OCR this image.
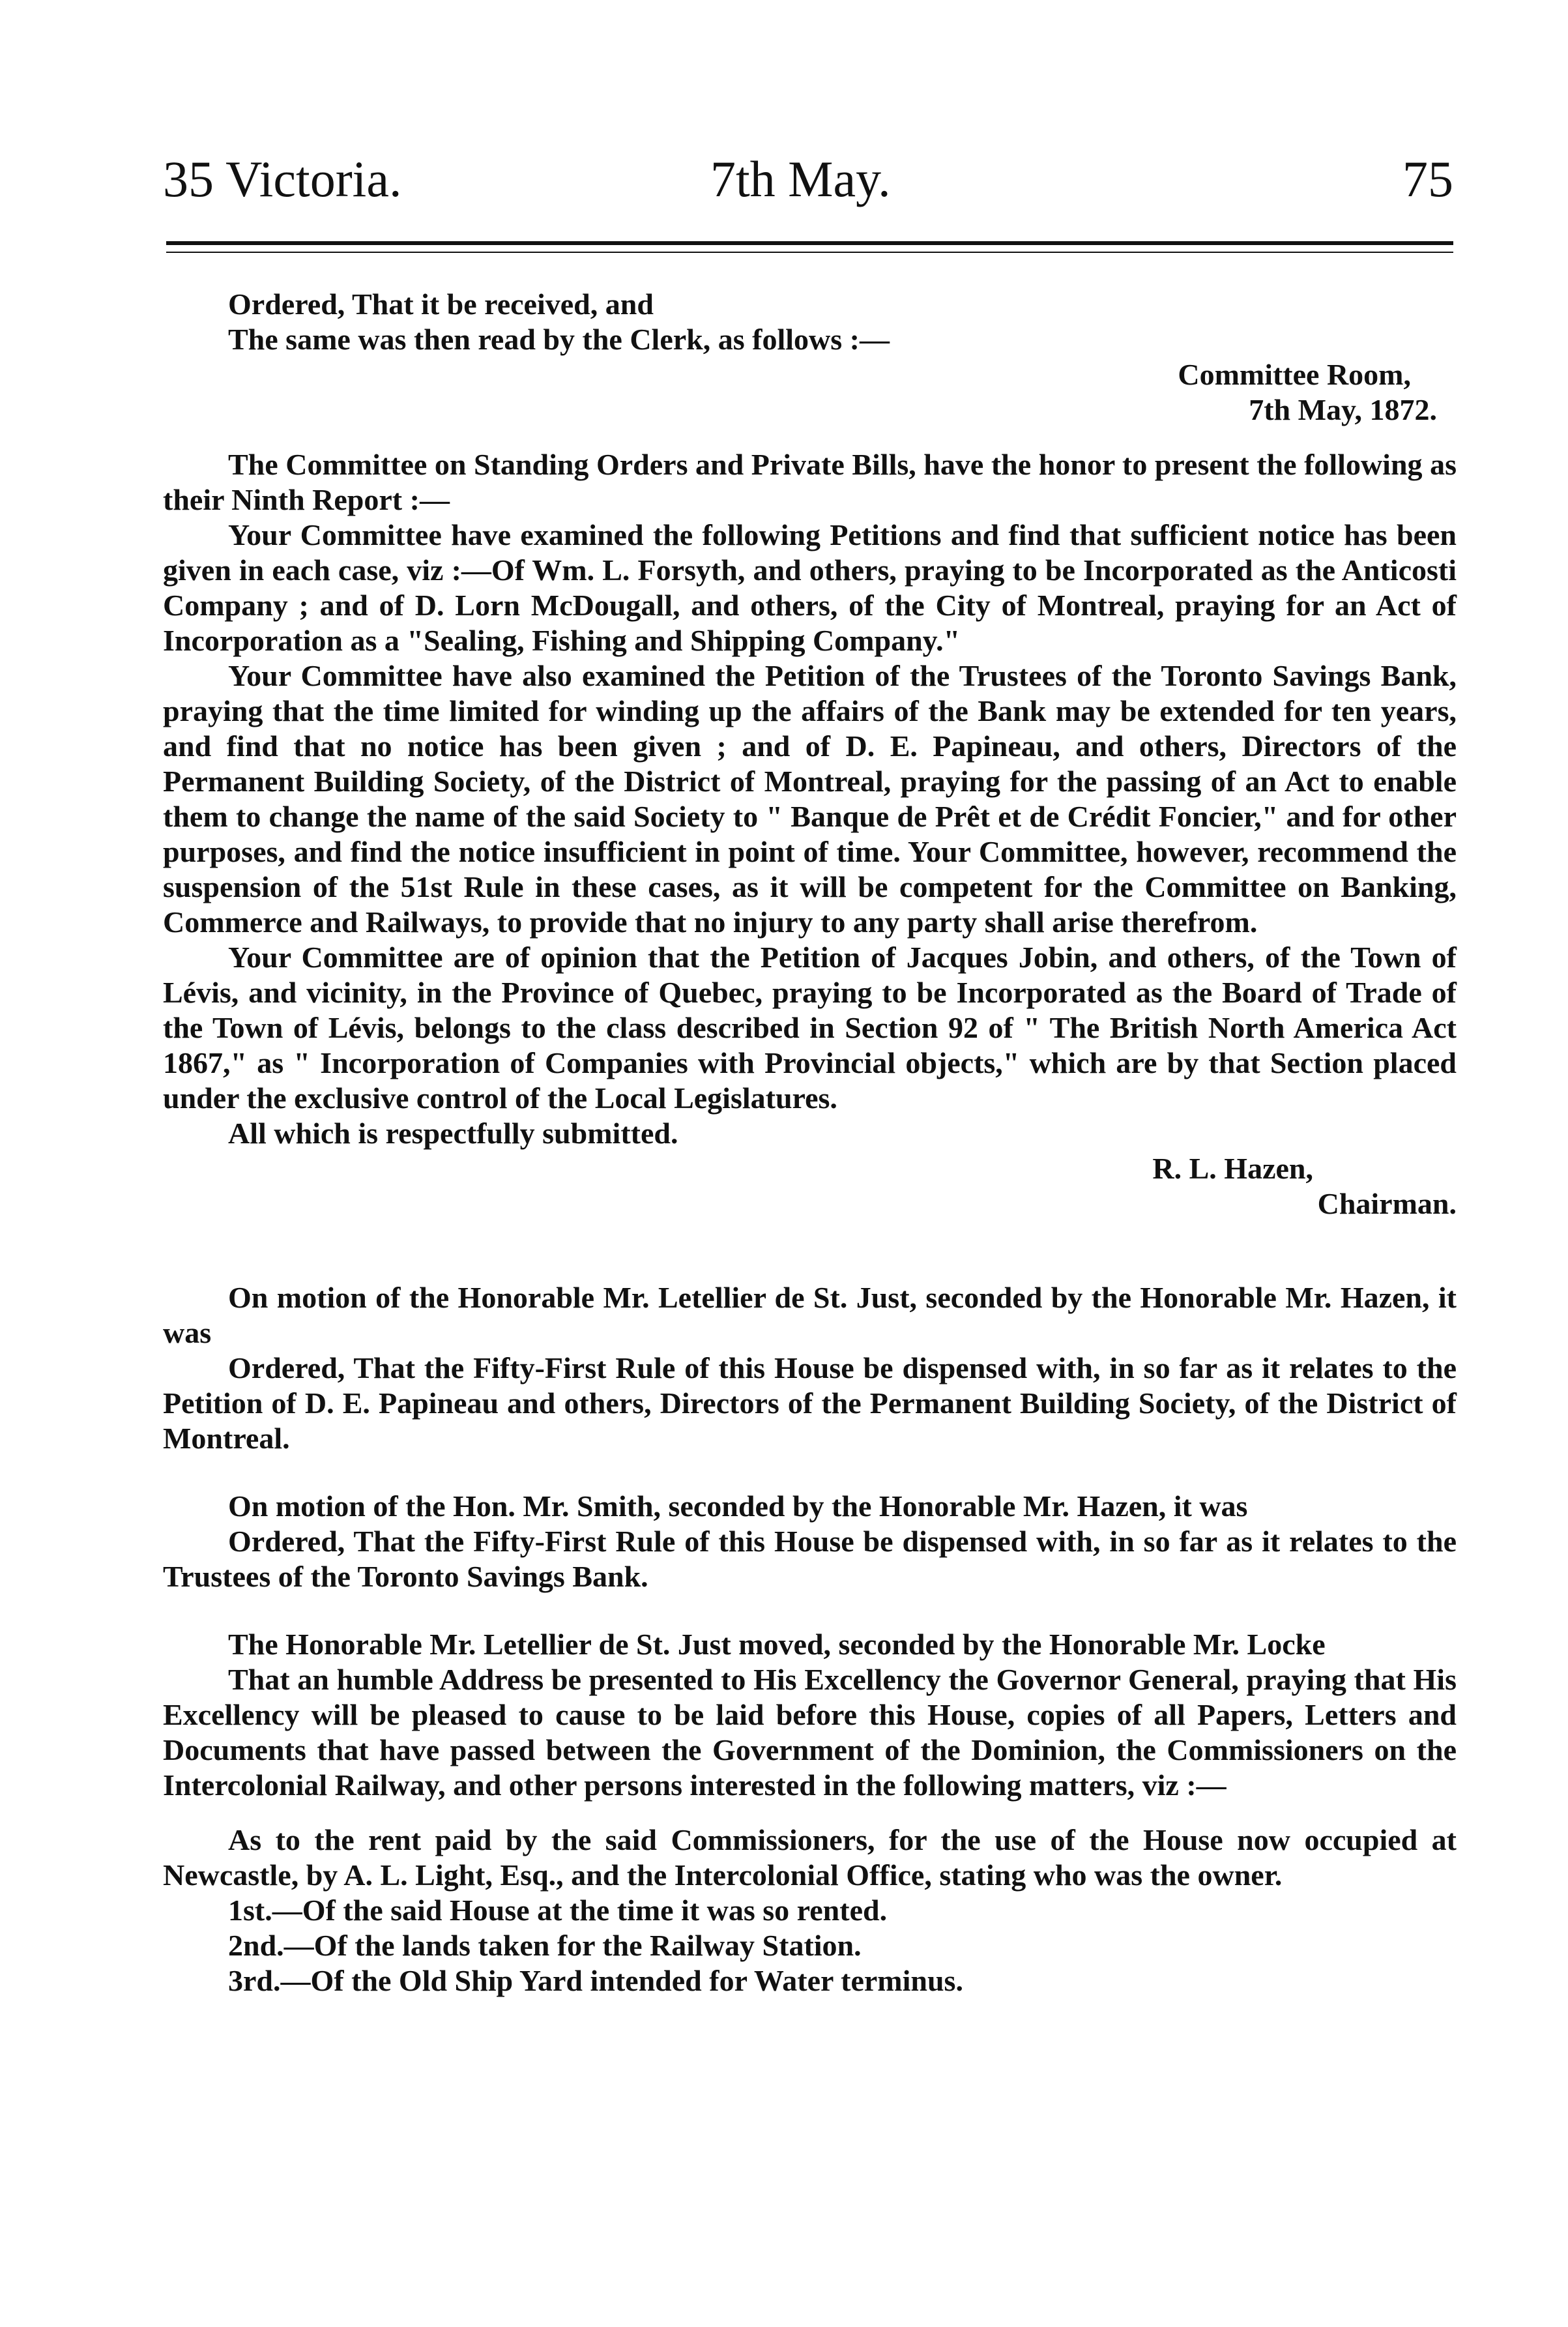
35 Victoria.	7th May.	75

Ordered, That it be received, and

The same was then read by the Clerk, as follows :—

Committee Room,

7th May, 1872.

The Committee on Standing Orders and Private Bills, have the honor to present the following as their Ninth Report :—

Your Committee have examined the following Petitions and find that sufficient notice has been given in each case, viz :—Of Wm. L. Forsyth, and others, praying to be Incorporated as the Anticosti Company ; and of D. Lorn McDougall, and others, of the City of Montreal, praying for an Act of Incorporation as a "Sealing, Fishing and Shipping Company."

Your Committee have also examined the Petition of the Trustees of the Toronto Savings Bank, praying that the time limited for winding up the affairs of the Bank may be extended for ten years, and find that no notice has been given ; and of D. E. Papineau, and others, Directors of the Permanent Building Society, of the District of Montreal, praying for the passing of an Act to enable them to change the name of the said Society to " Banque de Prêt et de Crédit Foncier," and for other purposes, and find the notice insufficient in point of time. Your Committee, however, recommend the suspension of the 51st Rule in these cases, as it will be competent for the Committee on Banking, Commerce and Railways, to provide that no injury to any party shall arise therefrom.

Your Committee are of opinion that the Petition of Jacques Jobin, and others, of the Town of Lévis, and vicinity, in the Province of Quebec, praying to be Incorporated as the Board of Trade of the Town of Lévis, belongs to the class described in Section 92 of " The British North America Act 1867," as " Incorporation of Companies with Provincial objects," which are by that Section placed under the exclusive control of the Local Legislatures.

All which is respectfully submitted.

R. L. Hazen,

Chairman.

On motion of the Honorable Mr. Letellier de St. Just, seconded by the Honorable Mr. Hazen, it was

Ordered, That the Fifty-First Rule of this House be dispensed with, in so far as it relates to the Petition of D. E. Papineau and others, Directors of the Permanent Building Society, of the District of Montreal.

On motion of the Hon. Mr. Smith, seconded by the Honorable Mr. Hazen, it was

Ordered, That the Fifty-First Rule of this House be dispensed with, in so far as it relates to the Trustees of the Toronto Savings Bank.

The Honorable Mr. Letellier de St. Just moved, seconded by the Honorable Mr. Locke

That an humble Address be presented to His Excellency the Governor General, praying that His Excellency will be pleased to cause to be laid before this House, copies of all Papers, Letters and Documents that have passed between the Government of the Dominion, the Commissioners on the Intercolonial Railway, and other persons interested in the following matters, viz :—

As to the rent paid by the said Commissioners, for the use of the House now occupied at Newcastle, by A. L. Light, Esq., and the Intercolonial Office, stating who was the owner.

1st.—Of the said House at the time it was so rented.

2nd.—Of the lands taken for the Railway Station.

3rd.—Of the Old Ship Yard intended for Water terminus.
